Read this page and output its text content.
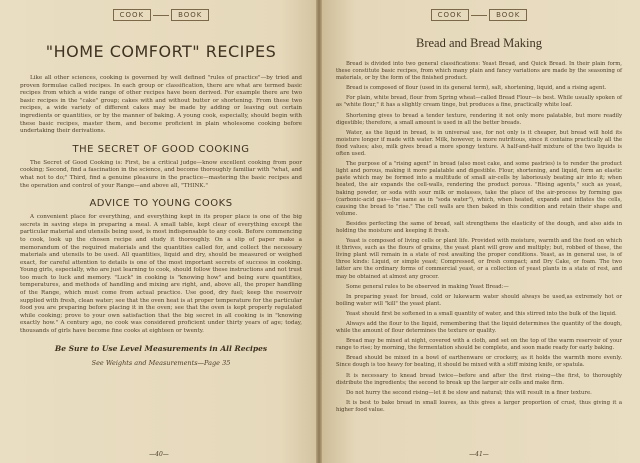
COOK	BOOK
"HOME COMFORT" RECIPES

Like all other sciences, cooking is governed by well defined "rules of practice"—by tried and proven formulae called recipes. In each group or classification, there are what are termed basic recipes from which a wide range of other recipes have been derived. For example there are two basic recipes in the "cake" group; cakes with and without butter or shortening. From these two recipes, a wide variety of different cakes may be made by adding or leaving out certain ingredients or quantities, or by the manner of baking. A young cook, especially, should begin with these basic recipes, master them, and become proficient in plain wholesome cooking before undertaking their derivations.

THE SECRET OF GOOD COOKING

The Secret of Good Cooking is: First, be a critical judge—know excellent cooking from poor cooking; Second, find a fascination in the science, and become thoroughly familiar with "what, and what not to do;" Third, find a genuine pleasure in the practice—mastering the basic recipes and the operation and control of your Range—and above all, "THINK."

ADVICE TO YOUNG COOKS

A convenient place for everything, and everything kept in its proper place is one of the big secrets in saving steps in preparing a meal. A small table, kept clear of everything except the particular material and utensils being used, is most indispensable to any cook. Before commencing to cook, look up the chosen recipe and study it thoroughly. On a slip of paper make a memorandum of the required materials and the quantities called for, and collect the necessary materials and utensils to be used. All quantities, liquid and dry, should be measured or weighed exact, for careful attention to details is one of the most important secrets of success in cooking. Young girls, especially, who are just learning to cook, should follow these instructions and not trust too much to luck and memory. "Luck" in cooking is "knowing how" and being sure quantities, temperatures, and methods of handling and mixing are right, and, above all, the proper handling of the Range, which must come from actual practice. Use good, dry fuel; keep the reservoir supplied with fresh, clean water; see that the oven heat is at proper temperature for the particular food you are preparing before placing it in the oven; see that the oven is kept properly regulated while cooking; prove to your own satisfaction that the big secret in all cooking is in "knowing exactly how." A century ago, no cook was considered proficient under thirty years of age; today, thousands of girls have become fine cooks at eighteen or twenty.

Be Sure to Use Level Measurements in All Recipes
See Weights and Measurements—Page 35
—40—
COOK	BOOK
Bread and Bread Making

Bread is divided into two general classifications: Yeast Bread, and Quick Bread. In their plain form, these constitute basic recipes, from which many plain and fancy variations are made by the seasoning of materials, or by the form of the finished product.

Bread is composed of flour (used in its general term), salt, shortening, liquid, and a rising agent.

For plain, white bread, flour from Spring wheat—called Bread Flour—is best. While usually spoken of as "white flour," it has a slightly cream tinge, but produces a fine, practically white loaf.

Shortening gives to bread a tender texture, rendering it not only more palatable, but more readily digestible; therefore, a small amount is used in all the better breads.

Water, as the liquid in bread, is in universal use, for not only is it cheaper, but bread will hold its moisture longer if made with water. Milk, however, is more nutritious, since it contains practically all the food values; also, milk gives bread a more spongy texture. A half-and-half mixture of the two liquids is often used.

The purpose of a "rising agent" in bread (also most cake, and some pastries) is to render the product light and porous, making it more palatable and digestible. Flour, shortening, and liquid, form an elastic paste which may be formed into a multitude of small air-cells by laboriously beating air into it; when heated, the air expands the cell-walls, rendering the product porous. "Rising agents," such as yeast, baking powder, or soda with sour milk or molasses, take the place of the air-process by forming gas (carbonic-acid gas—the same as in "soda water"), which, when heated, expands and inflates the cells, causing the bread to "rise." The cell walls are then baked in this condition and retain their shape and volume.

Besides perfecting the same of bread, salt strengthens the elasticity of the dough, and also aids in holding the moisture and keeping it fresh.

Yeast is composed of living cells or plant life. Provided with moisture, warmth and the food on which it thrives, such as the flours of grains, the yeast plant will grow and multiply; but, robbed of these, the living plant will remain in a state of rest awaiting the proper conditions. Yeast, as in general use, is of three kinds: Liquid, or simple yeast; Compressed, or fresh compact; and Dry Cake, or foam. The two latter are the ordinary forms of commercial yeast, or a collection of yeast plants in a state of rest, and may be obtained at almost any grocer.

Some general rules to be observed in making Yeast Bread:—

In preparing yeast for bread, cold or lukewarm water should always be used,as extremely hot or boiling water will "kill" the yeast plant.

Yeast should first be softened in a small quantity of water, and this stirred into the bulk of the liquid.

Always add the flour to the liquid, remembering that the liquid determines the quantity of the dough, while the amount of flour determines the texture or quality.

Bread may be mixed at night, covered with a cloth, and set on the top of the warm reservoir of your range to rise; by morning, the fermentation should be complete, and soon made ready for early baking.

Bread should be mixed in a bowl of earthenware or crockery, as it holds the warmth more evenly. Since dough is too heavy for beating, it should be mixed with a stiff mixing knife, or spatula.

It is necessary to knead bread twice—before and after the first rising—the first, to thoroughly distribute the ingredients; the second to break up the larger air cells and make firm.

Do not hurry the second rising—let it be slow and natural; this will result in a finer texture.

It is best to bake bread in small loaves, as this gives a larger proportion of crust, thus giving it a higher food value.

—41—
